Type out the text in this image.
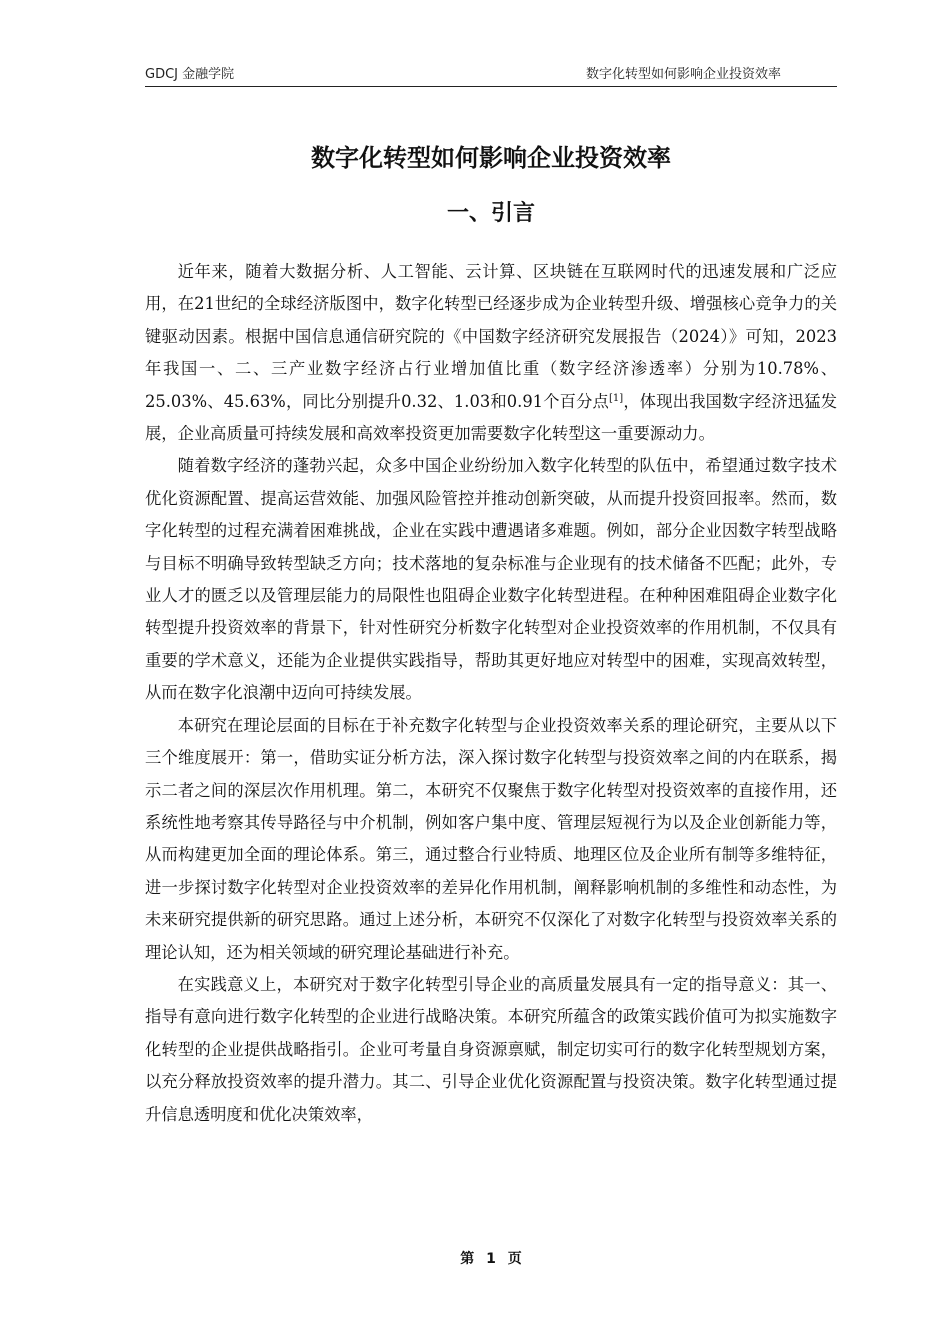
GDCJ 金融学院	数字化转型如何影响企业投资效率
数字化转型如何影响企业投资效率
一、引言

近年来，随着大数据分析、人工智能、云计算、区块链在互联网时代的迅速发展和广泛应用，在21世纪的全球经济版图中，数字化转型已经逐步成为企业转型升级、增强核心竞争力的关键驱动因素。根据中国信息通信研究院的《中国数字经济研究发展报告（2024）》可知，2023年我国一、二、三产业数字经济占行业增加值比重（数字经济渗透率）分别为10.78%、25.03%、45.63%，同比分别提升0.32、1.03和0.91个百分点[1]，体现出我国数字经济迅猛发展，企业高质量可持续发展和高效率投资更加需要数字化转型这一重要源动力。

随着数字经济的蓬勃兴起，众多中国企业纷纷加入数字化转型的队伍中，希望通过数字技术优化资源配置、提高运营效能、加强风险管控并推动创新突破，从而提升投资回报率。然而，数字化转型的过程充满着困难挑战，企业在实践中遭遇诸多难题。例如，部分企业因数字转型战略与目标不明确导致转型缺乏方向；技术落地的复杂标准与企业现有的技术储备不匹配；此外，专业人才的匮乏以及管理层能力的局限性也阻碍企业数字化转型进程。在种种困难阻碍企业数字化转型提升投资效率的背景下，针对性研究分析数字化转型对企业投资效率的作用机制，不仅具有重要的学术意义，还能为企业提供实践指导，帮助其更好地应对转型中的困难，实现高效转型，从而在数字化浪潮中迈向可持续发展。

本研究在理论层面的目标在于补充数字化转型与企业投资效率关系的理论研究，主要从以下三个维度展开：第一，借助实证分析方法，深入探讨数字化转型与投资效率之间的内在联系，揭示二者之间的深层次作用机理。第二，本研究不仅聚焦于数字化转型对投资效率的直接作用，还系统性地考察其传导路径与中介机制，例如客户集中度、管理层短视行为以及企业创新能力等，从而构建更加全面的理论体系。第三，通过整合行业特质、地理区位及企业所有制等多维特征，进一步探讨数字化转型对企业投资效率的差异化作用机制，阐释影响机制的多维性和动态性，为未来研究提供新的研究思路。通过上述分析，本研究不仅深化了对数字化转型与投资效率关系的理论认知，还为相关领域的研究理论基础进行补充。

在实践意义上，本研究对于数字化转型引导企业的高质量发展具有一定的指导意义：其一、指导有意向进行数字化转型的企业进行战略决策。本研究所蕴含的政策实践价值可为拟实施数字化转型的企业提供战略指引。企业可考量自身资源禀赋，制定切实可行的数字化转型规划方案，以充分释放投资效率的提升潜力。其二、引导企业优化资源配置与投资决策。数字化转型通过提升信息透明度和优化决策效率，

第 1 页
